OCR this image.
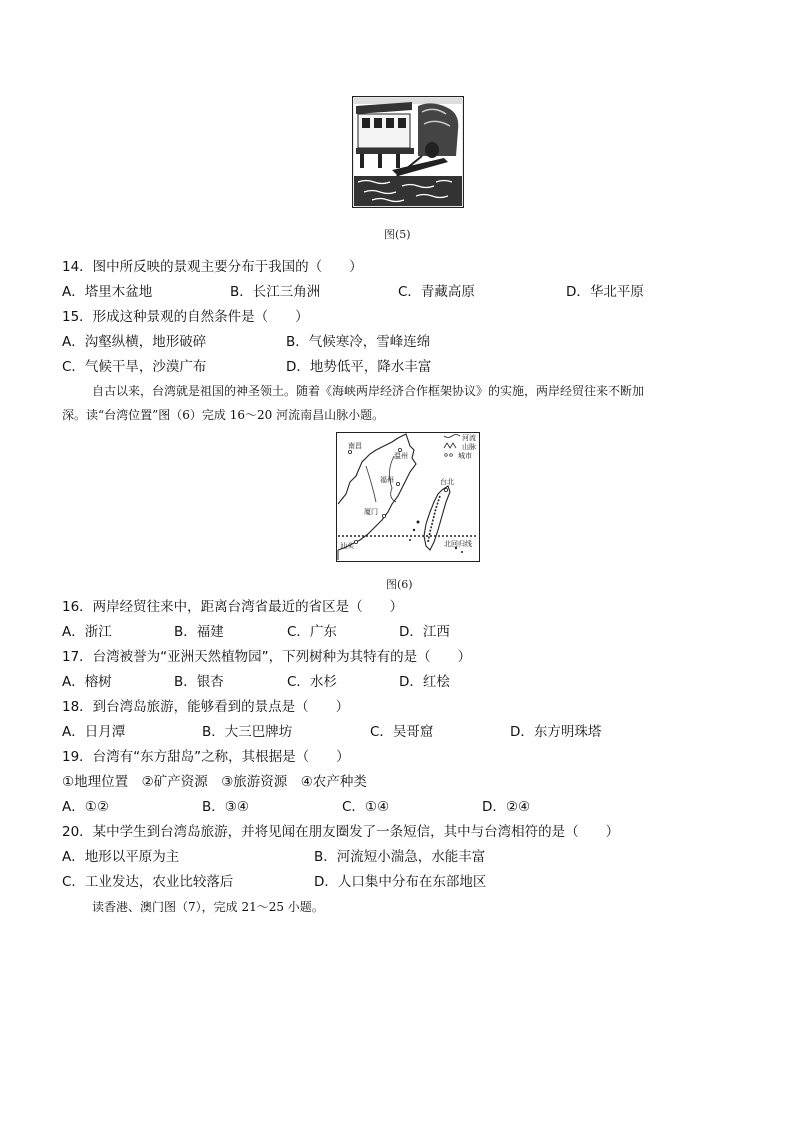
图(5)
14．图中所反映的景观主要分布于我国的（　　）
A．塔里木盆地	B．长江三角洲	C．青藏高原	D．华北平原
15．形成这种景观的自然条件是（　　）
A．沟壑纵横，地形破碎	B．气候寒冷，雪峰连绵
C．气候干旱，沙漠广布	D．地势低平，降水丰富
自古以来，台湾就是祖国的神圣领土。随着《海峡两岸经济合作框架协议》的实施，两岸经贸往来不断加
深。读“台湾位置”图（6）完成 16～20 河流南昌山脉小题。
南昌
温州
福州
厦门
汕头
台北
北回归线
河流
山脉
城市
图(6)
16．两岸经贸往来中，距离台湾省最近的省区是（　　）
A．浙江	B．福建	C．广东	D．江西
17．台湾被誉为“亚洲天然植物园”，下列树种为其特有的是（　　）
A．榕树	B．银杏	C．水杉	D．红桧
18．到台湾岛旅游，能够看到的景点是（　　）
A．日月潭	B．大三巴牌坊	C．吴哥窟	D．东方明珠塔
19．台湾有“东方甜岛”之称，其根据是（　　）
①地理位置　②矿产资源　③旅游资源　④农产种类
A．①②	B．③④	C．①④	D．②④
20．某中学生到台湾岛旅游，并将见闻在朋友圈发了一条短信，其中与台湾相符的是（　　）
A．地形以平原为主	B．河流短小湍急，水能丰富
C．工业发达，农业比较落后	D．人口集中分布在东部地区
读香港、澳门图（7），完成 21～25 小题。
